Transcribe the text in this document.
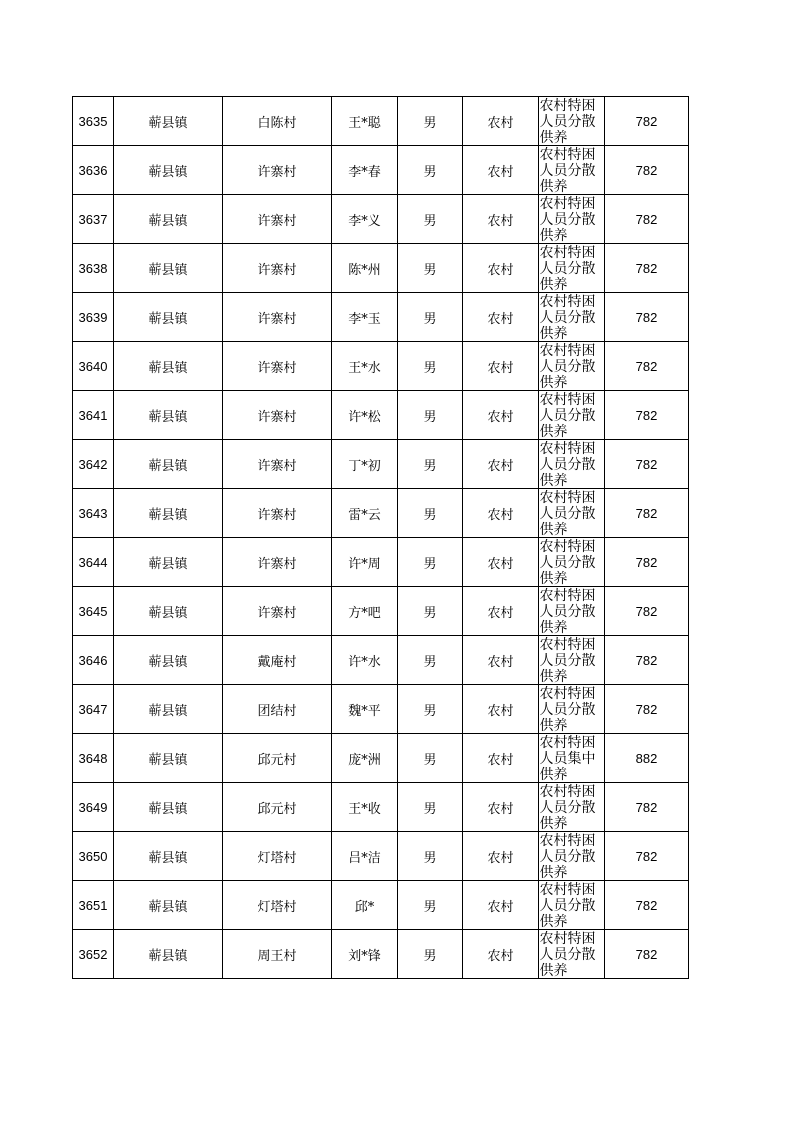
3635	蕲县镇	白陈村	王*聪	男	农村	农村特困人员分散供养	782
3636	蕲县镇	许寨村	李*春	男	农村	农村特困人员分散供养	782
3637	蕲县镇	许寨村	李*义	男	农村	农村特困人员分散供养	782
3638	蕲县镇	许寨村	陈*州	男	农村	农村特困人员分散供养	782
3639	蕲县镇	许寨村	李*玉	男	农村	农村特困人员分散供养	782
3640	蕲县镇	许寨村	王*水	男	农村	农村特困人员分散供养	782
3641	蕲县镇	许寨村	许*松	男	农村	农村特困人员分散供养	782
3642	蕲县镇	许寨村	丁*初	男	农村	农村特困人员分散供养	782
3643	蕲县镇	许寨村	雷*云	男	农村	农村特困人员分散供养	782
3644	蕲县镇	许寨村	许*周	男	农村	农村特困人员分散供养	782
3645	蕲县镇	许寨村	方*吧	男	农村	农村特困人员分散供养	782
3646	蕲县镇	戴庵村	许*水	男	农村	农村特困人员分散供养	782
3647	蕲县镇	团结村	魏*平	男	农村	农村特困人员分散供养	782
3648	蕲县镇	邱元村	庞*洲	男	农村	农村特困人员集中供养	882
3649	蕲县镇	邱元村	王*收	男	农村	农村特困人员分散供养	782
3650	蕲县镇	灯塔村	吕*洁	男	农村	农村特困人员分散供养	782
3651	蕲县镇	灯塔村	邱*	男	农村	农村特困人员分散供养	782
3652	蕲县镇	周王村	刘*锋	男	农村	农村特困人员分散供养	782
